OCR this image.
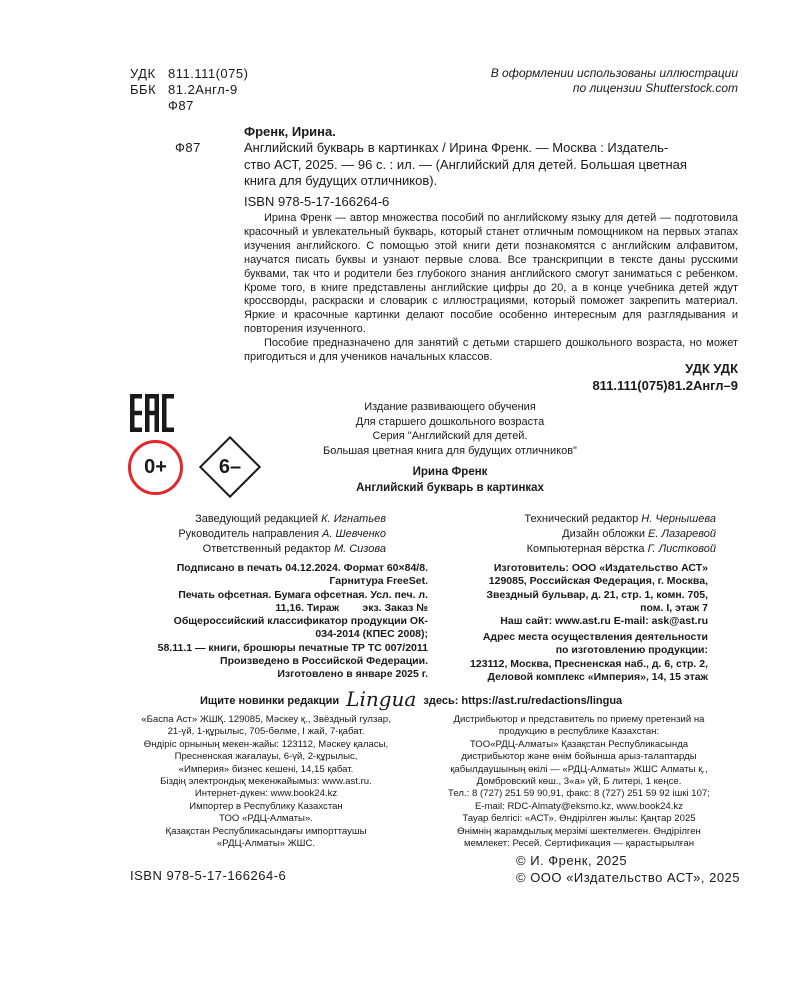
УДК 811.111(075)
ББК 81.2Англ-9
Ф87
В оформлении использованы иллюстрации
по лицензии Shutterstock.com
Френк, Ирина.
Ф87	Английский букварь в картинках / Ирина Френк. — Москва : Издатель-
ство АСТ, 2025. — 96 с. : ил. — (Английский для детей. Большая цветная
книга для будущих отличников).
ISBN 978-5-17-166264-6
Ирина Френк — автор множества пособий по английскому языку для детей — подготовила красочный и увлекательный букварь, который станет отличным помощником на первых этапах изучения английского. С помощью этой книги дети познакомятся с английским алфавитом, научатся писать буквы и узнают первые слова. Все транскрипции в тексте даны русскими буквами, так что и родители без глубокого знания английского смогут заниматься с ребенком. Кроме того, в книге представлены английские цифры до 20, а в конце учебника детей ждут кроссворды, раскраски и словарик с иллюстрациями, который поможет закрепить материал. Яркие и красочные картинки делают пособие особенно интересным для разглядывания и повторения изученного.
Пособие предназначено для занятий с детьми старшего дошкольного возраста, но может пригодиться и для учеников начальных классов.
УДК УДК
811.111(075)81.2Англ–9
0+	6–
Издание развивающего обучения
Для старшего дошкольного возраста
Серия "Английский для детей.
Большая цветная книга для будущих отличников"
Ирина Френк
Английский букварь в картинках
Заведующий редакцией К. Игнатьев
Руководитель направления А. Шевченко
Ответственный редактор М. Сизова
Технический редактор Н. Чернышева
Дизайн обложки Е. Лазаревой
Компьютерная вёрстка Г. Листковой
Подписано в печать 04.12.2024. Формат 60×84/8.
Гарнитура FreeSet.
Печать офсетная. Бумага офсетная. Усл. печ. л.
11,16. Тираж        экз. Заказ №
Общероссийский классификатор продукции ОК-
034-2014 (КПЕС 2008);
58.11.1 — книги, брошюры печатные ТР ТС 007/2011
Произведено в Российской Федерации.
Изготовлено в январе 2025 г.
Изготовитель: ООО «Издательство АСТ»
129085, Российская Федерация, г. Москва,
Звездный бульвар, д. 21, стр. 1, комн. 705,
пом. I, этаж 7
Наш сайт: www.ast.ru E-mail: ask@ast.ru
Адрес места осуществления деятельности
по изготовлению продукции:
123112, Москва, Пресненская наб., д. 6, стр. 2,
Деловой комплекс «Империя», 14, 15 этаж
Ищите новинки редакции Lingua здесь: https://ast.ru/redactions/lingua
«Баспа Аст» ЖШҚ. 129085, Мәскеу қ., Звёздный гулзар,
21-үй, 1-құрылыс, 705-бөлме, I жай, 7-қабат.
Өндіріс орнының мекен-жайы: 123112, Мәскеу қаласы,
Пресненская жағалауы, 6-үй, 2-құрылыс,
«Империя» бизнес кешені, 14,15 қабат.
Біздің электрондық мекенжайымыз: www.ast.ru.
Интернет-дүкен: www.book24.kz
Импортер в Республику Казахстан
ТОО «РДЦ-Алматы».
Қазақстан Республикасындағы импорттаушы
«РДЦ-Алматы» ЖШС.
Дистрибьютор и представитель по приему претензий на
продукцию в республике Казахстан:
ТОО«РДЦ-Алматы» Қазақстан Республикасында
дистрибьютор және өнім бойынша арыз-талаптарды
қабылдаушының өкілі — «РДЦ-Алматы» ЖШС Алматы қ.,
Домбровский көш., 3«а» үй, Б литерi, 1 кеңсе.
Тел.: 8 (727) 251 59 90,91, факс: 8 (727) 251 59 92 ішкі 107;
E-mail: RDC-Almaty@eksmo.kz, www.book24.kz
Тауар белгісі: «АСТ». Өндірілген жылы: Қаңтар 2025
Өнімнің жарамдылық мерзімі шектелмеген. Өндірілген
мемлекет: Ресей. Сертификация — қарастырылған
ISBN 978-5-17-166264-6
© И. Френк, 2025
© ООО «Издательство АСТ», 2025
